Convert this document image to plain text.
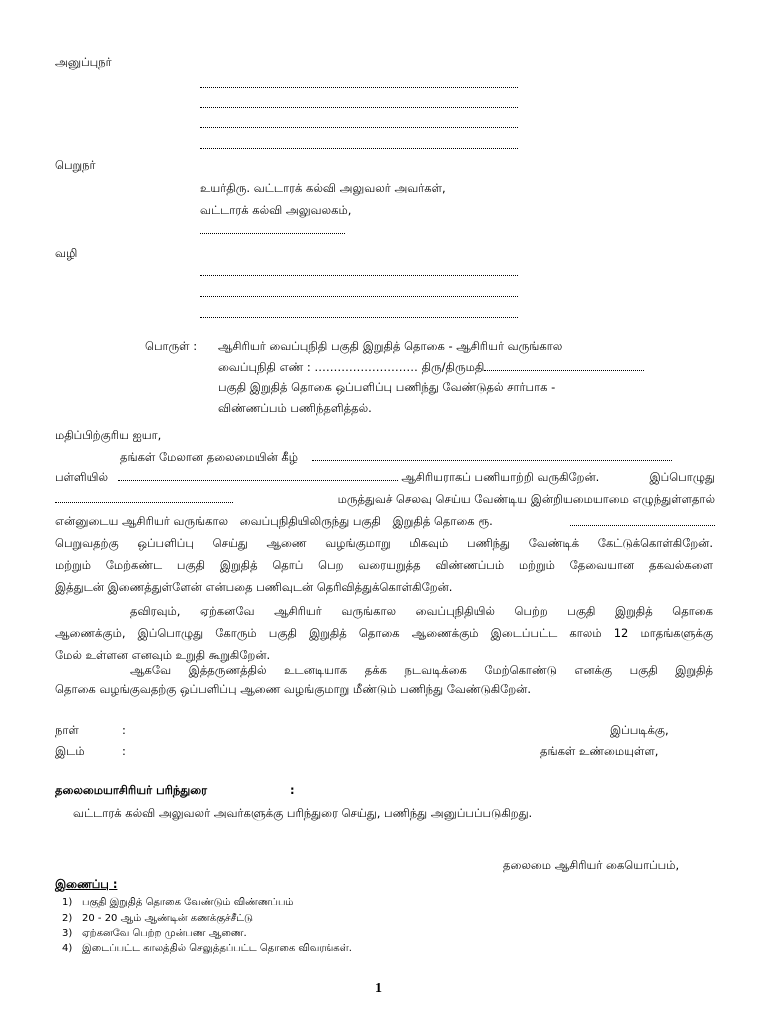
அனுப்புநர்
பெறுநர்
உயர்திரு. வட்டாரக் கல்வி அலுவலர் அவர்கள்,
வட்டாரக் கல்வி அலுவலகம்,
வழி
பொருள் : ஆசிரியர் வைப்புநிதி பகுதி இறுதித் தொகை - ஆசிரியர் வருங்கால
வைப்புநிதி எண் : ……………………… திரு/திருமதி
பகுதி இறுதித் தொகை ஒப்பளிப்பு பணிந்து வேண்டுதல் சார்பாக -
விண்ணப்பம் பணிந்தளித்தல்.
மதிப்பிற்குரிய ஐயா,
தங்கள் மேலான தலைமையின் கீழ்
பள்ளியில்	ஆசிரியராகப் பணியாற்றி வருகிறேன்.	இப்பொழுது
மருத்துவச் செலவு செய்ய வேண்டிய இன்றியமையாமை எழுந்துள்ளதால்
என்னுடைய ஆசிரியர் வருங்கால வைப்புநிதியிலிருந்து பகுதி இறுதித் தொகை ரூ.
பெறுவதற்கு ஒப்பளிப்பு செய்து ஆணை வழங்குமாறு மிகவும் பணிந்து வேண்டிக் கேட்டுக்கொள்கிறேன்.
மற்றும் மேற்கண்ட பகுதி இறுதித் தொப் பெற வரையறுத்த விண்ணப்பம் மற்றும் தேவையான தகவல்களை
இத்துடன் இணைத்துள்ளேன் என்பதை பணிவுடன் தெரிவித்துக்கொள்கிறேன்.
தவிரவும், ஏற்கனவே ஆசிரியர் வருங்கால வைப்புநிதியில் பெற்ற பகுதி இறுதித் தொகை
ஆணைக்கும், இப்பொழுது கோரும் பகுதி இறுதித் தொகை ஆணைக்கும் இடைப்பட்ட காலம் 12 மாதங்களுக்கு
மேல் உள்ளன எனவும் உறுதி கூறுகிறேன்.
ஆகவே இத்தருணத்தில் உடனடியாக தக்க நடவடிக்கை மேற்கொண்டு எனக்கு பகுதி இறுதித்
தொகை வழங்குவதற்கு ஒப்பளிப்பு ஆணை வழங்குமாறு மீண்டும் பணிந்து வேண்டுகிறேன்.
நாள்	:	இப்படிக்கு,
இடம்	:	தங்கள் உண்மையுள்ள,
தலைமையாசிரியர் பரிந்துரை	:
வட்டாரக் கல்வி அலுவலர் அவர்களுக்கு பரிந்துரை செய்து, பணிந்து அனுப்பப்படுகிறது.
தலைமை ஆசிரியர் கையொப்பம்,
இணைப்பு :
1) பகுதி இறுதித் தொகை வேண்டும் விண்ணப்பம்
2) 20 - 20 ஆம் ஆண்டின் கணக்குச்சீட்டு
3) ஏற்கனவே பெற்ற முன்பண ஆணை.
4) இடைப்பட்ட காலத்தில் செலுத்தப்பட்ட தொகை விவரங்கள்.
1
